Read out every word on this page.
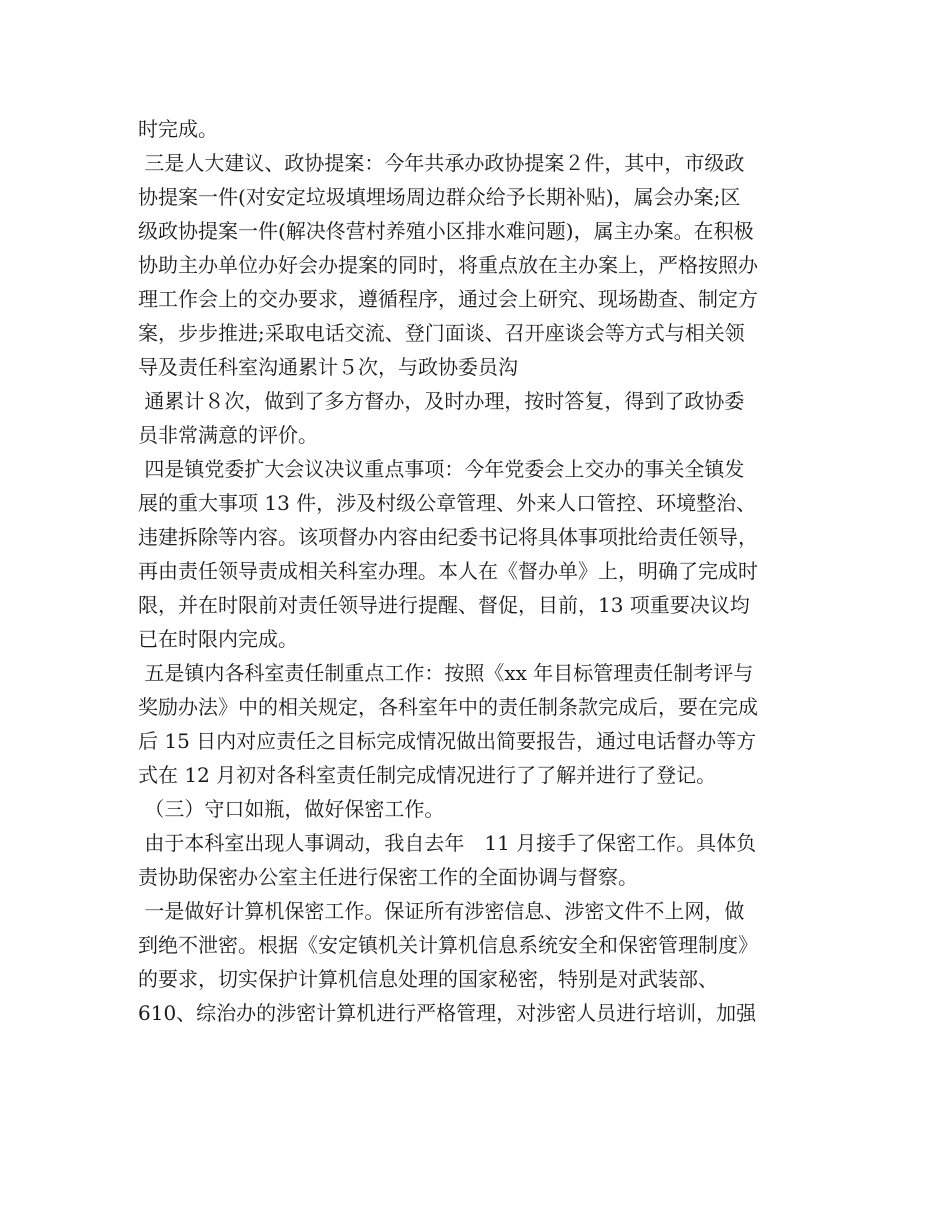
时完成。
三是人大建议、政协提案：今年共承办政协提案２件，其中，市级政
协提案一件(对安定垃圾填埋场周边群众给予长期补贴)，属会办案;区
级政协提案一件(解决佟营村养殖小区排水难问题)，属主办案。在积极
协助主办单位办好会办提案的同时，将重点放在主办案上，严格按照办
理工作会上的交办要求，遵循程序，通过会上研究、现场勘查、制定方
案，步步推进;采取电话交流、登门面谈、召开座谈会等方式与相关领
导及责任科室沟通累计５次，与政协委员沟
通累计８次，做到了多方督办，及时办理，按时答复，得到了政协委
员非常满意的评价。
四是镇党委扩大会议决议重点事项：今年党委会上交办的事关全镇发
展的重大事项 13 件，涉及村级公章管理、外来人口管控、环境整治、
违建拆除等内容。该项督办内容由纪委书记将具体事项批给责任领导，
再由责任领导责成相关科室办理。本人在《督办单》上，明确了完成时
限，并在时限前对责任领导进行提醒、督促，目前，13 项重要决议均
已在时限内完成。
五是镇内各科室责任制重点工作：按照《xx 年目标管理责任制考评与
奖励办法》中的相关规定，各科室年中的责任制条款完成后，要在完成
后 15 日内对应责任之目标完成情况做出简要报告，通过电话督办等方
式在 12 月初对各科室责任制完成情况进行了了解并进行了登记。
（三）守口如瓶，做好保密工作。
由于本科室出现人事调动，我自去年　11 月接手了保密工作。具体负
责协助保密办公室主任进行保密工作的全面协调与督察。
一是做好计算机保密工作。保证所有涉密信息、涉密文件不上网，做
到绝不泄密。根据《安定镇机关计算机信息系统安全和保密管理制度》
的要求，切实保护计算机信息处理的国家秘密，特别是对武装部、
610、综治办的涉密计算机进行严格管理，对涉密人员进行培训，加强
